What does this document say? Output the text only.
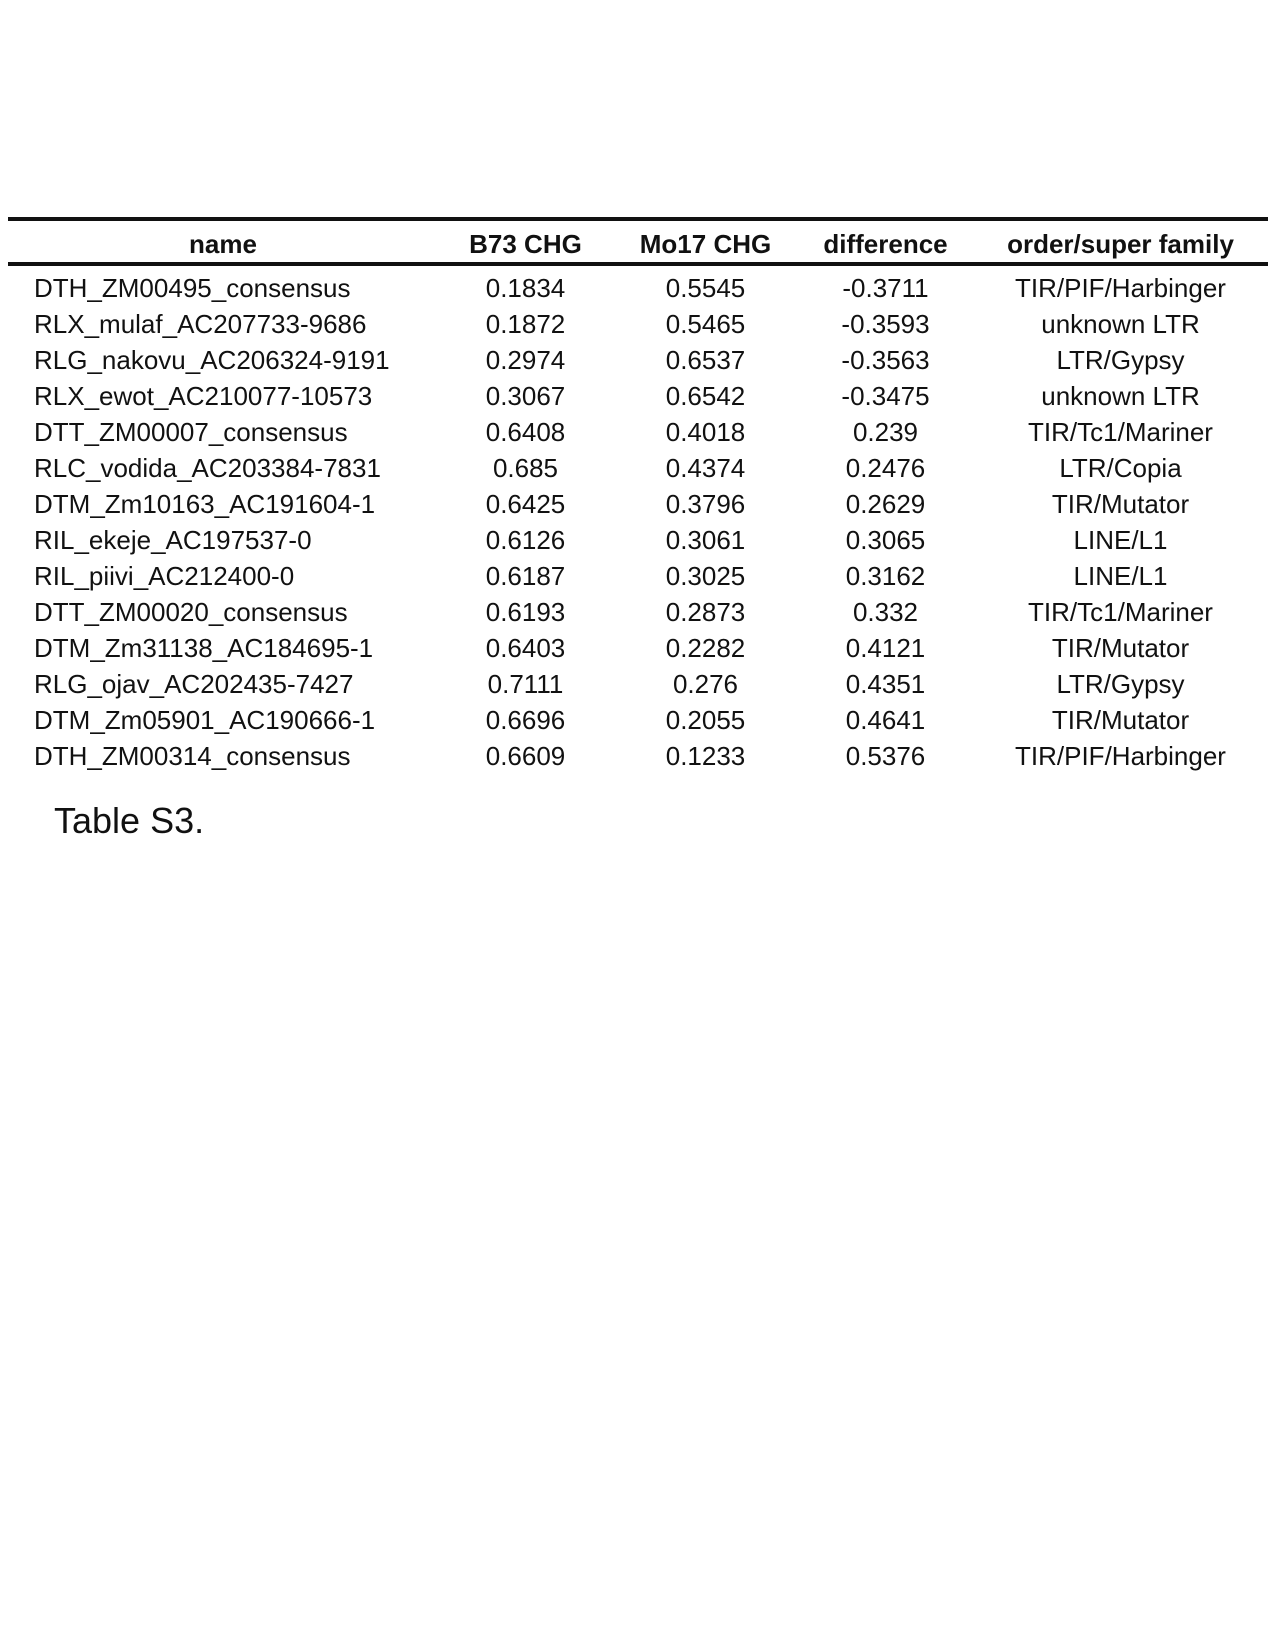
name	B73 CHG	Mo17 CHG	difference	order/super family
DTH_ZM00495_consensus	0.1834	0.5545	-0.3711	TIR/PIF/Harbinger
RLX_mulaf_AC207733-9686	0.1872	0.5465	-0.3593	unknown LTR
RLG_nakovu_AC206324-9191	0.2974	0.6537	-0.3563	LTR/Gypsy
RLX_ewot_AC210077-10573	0.3067	0.6542	-0.3475	unknown LTR
DTT_ZM00007_consensus	0.6408	0.4018	0.239	TIR/Tc1/Mariner
RLC_vodida_AC203384-7831	0.685	0.4374	0.2476	LTR/Copia
DTM_Zm10163_AC191604-1	0.6425	0.3796	0.2629	TIR/Mutator
RIL_ekeje_AC197537-0	0.6126	0.3061	0.3065	LINE/L1
RIL_piivi_AC212400-0	0.6187	0.3025	0.3162	LINE/L1
DTT_ZM00020_consensus	0.6193	0.2873	0.332	TIR/Tc1/Mariner
DTM_Zm31138_AC184695-1	0.6403	0.2282	0.4121	TIR/Mutator
RLG_ojav_AC202435-7427	0.7111	0.276	0.4351	LTR/Gypsy
DTM_Zm05901_AC190666-1	0.6696	0.2055	0.4641	TIR/Mutator
DTH_ZM00314_consensus	0.6609	0.1233	0.5376	TIR/PIF/Harbinger
Table S3.
